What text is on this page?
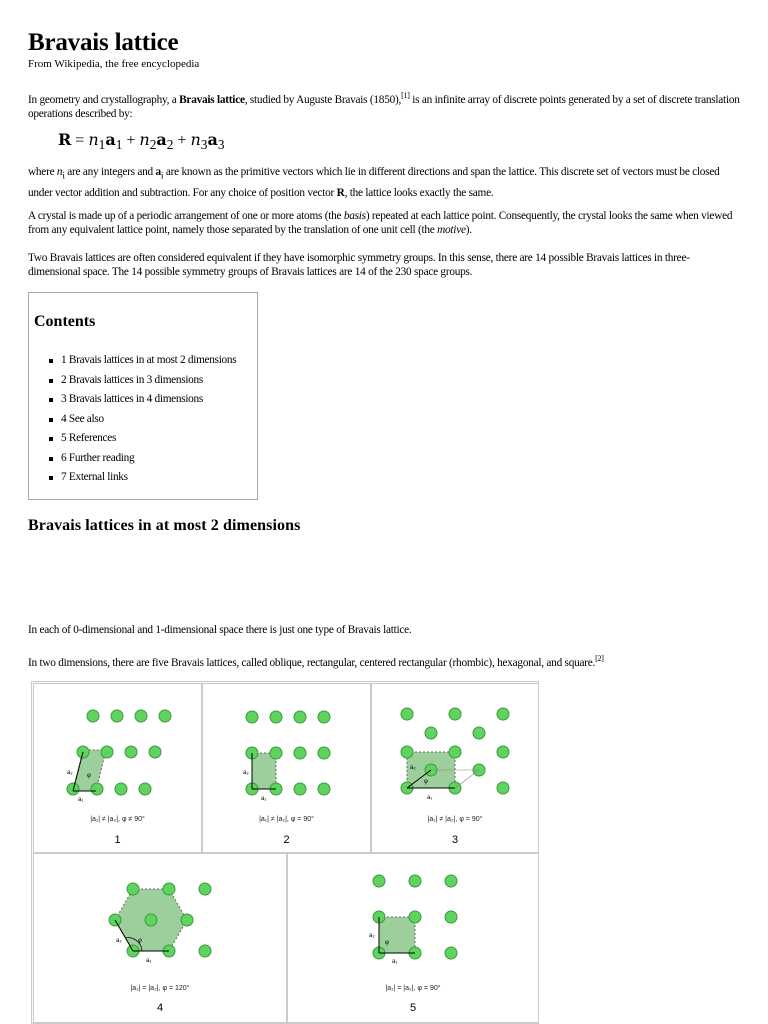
Bravais lattice
From Wikipedia, the free encyclopedia

In geometry and crystallography, a Bravais lattice, studied by Auguste Bravais (1850),[1] is an infinite array of discrete points generated by a set of discrete translation operations described by:

$R = n_1a_1 + n_2a_2 + n_3a_3$

where $n_i$ are any integers and $a_i$ are known as the primitive vectors which lie in different directions and span the lattice. This discrete set of vectors must be closed under vector addition and subtraction. For any choice of position vector R, the lattice looks exactly the same.

A crystal is made up of a periodic arrangement of one or more atoms (the basis) repeated at each lattice point. Consequently, the crystal looks the same when viewed from any equivalent lattice point, namely those separated by the translation of one unit cell (the motive).

Two Bravais lattices are often considered equivalent if they have isomorphic symmetry groups. In this sense, there are 14 possible Bravais lattices in three-dimensional space. The 14 possible symmetry groups of Bravais lattices are 14 of the 230 space groups.

Contents
1 Bravais lattices in at most 2 dimensions
2 Bravais lattices in 3 dimensions
3 Bravais lattices in 4 dimensions
4 See also
5 References
6 Further reading
7 External links
Bravais lattices in at most 2 dimensions

In each of 0-dimensional and 1-dimensional space there is just one type of Bravais lattice.

In two dimensions, there are five Bravais lattices, called oblique, rectangular, centered rectangular (rhombic), hexagonal, and square.[2]

a₂
a₁
φ
|a₁| ≠ |a₂|, φ ≠ 90°
1
a₂
a₁
|a₁| ≠ |a₂|, φ = 90°
2
a₂
a₁
φ
|a₁| ≠ |a₂|, φ = 90°
3
a₂
a₁
φ
|a₁| = |a₂|, φ = 120°
4
a₂
a₁
φ
|a₁| = |a₂|, φ = 90°
5
